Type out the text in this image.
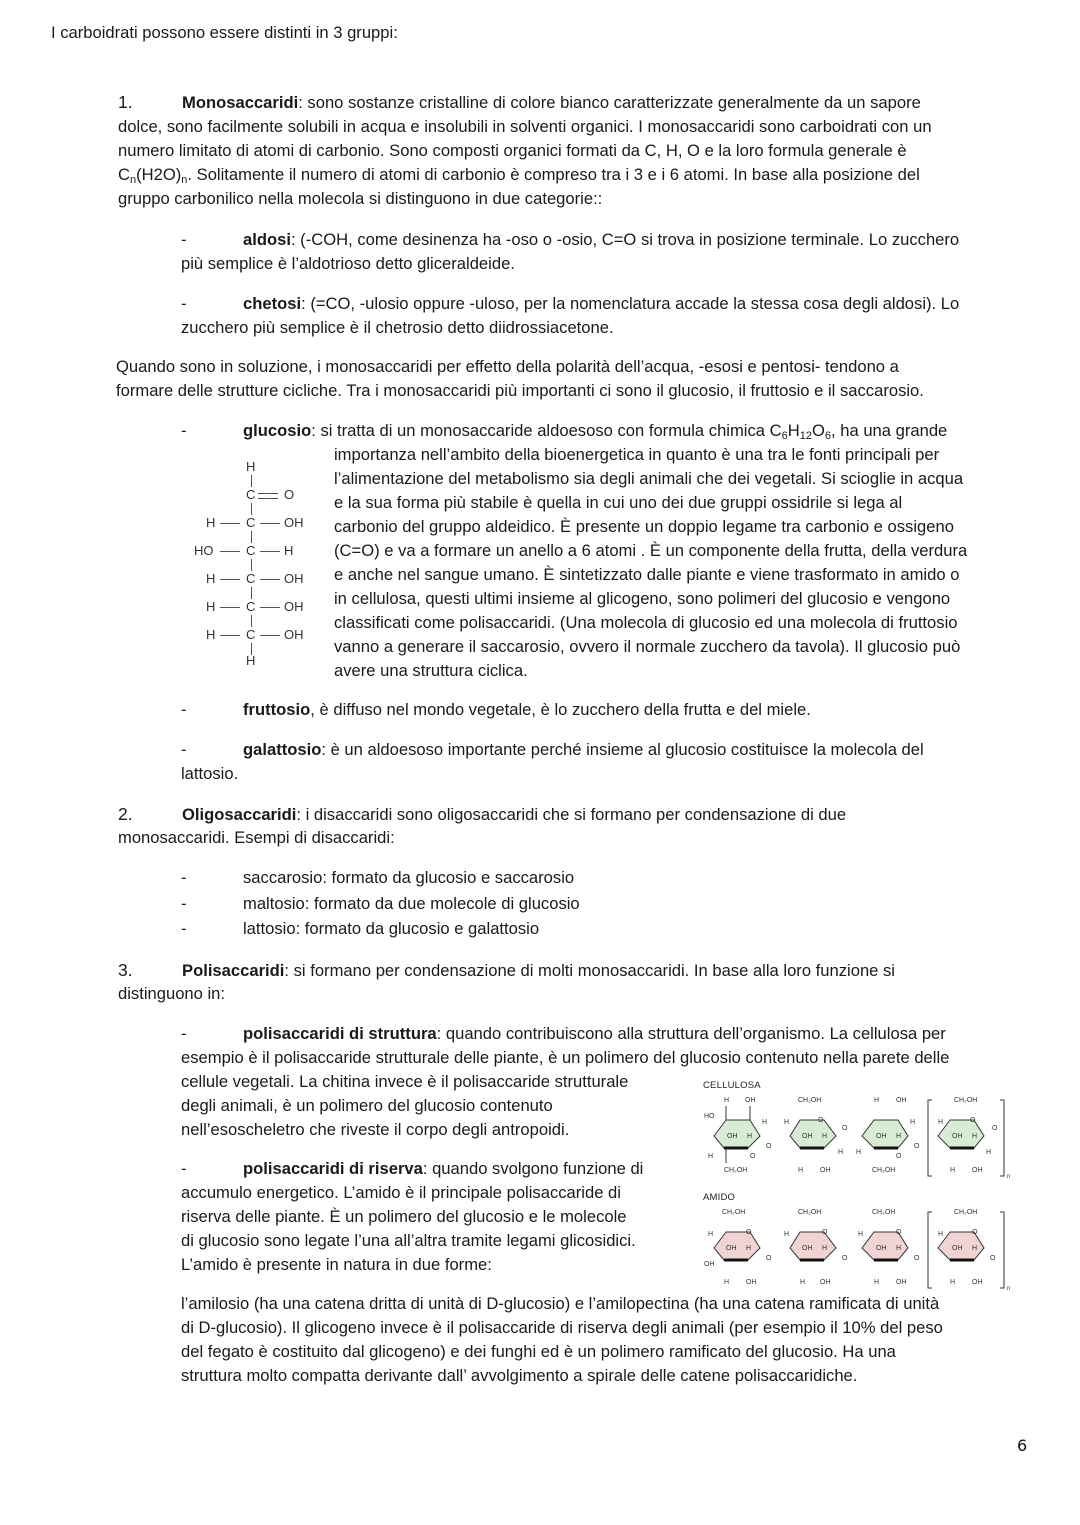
I carboidrati possono essere distinti in 3 gruppi:

1.	Monosaccaridi: sono sostanze cristalline di colore bianco caratterizzate generalmente da un sapore

dolce, sono facilmente solubili in acqua e insolubili in solventi organici. I monosaccaridi sono carboidrati con un

numero limitato di atomi di carbonio. Sono composti organici formati da C, H, O e la loro formula generale è

$C_n(H2O)_n$. Solitamente il numero di atomi di carbonio è compreso tra i 3 e i 6 atomi. In base alla posizione del

gruppo carbonilico nella molecola si distinguono in due categorie::

-	aldosi: (-COH, come desinenza ha -oso o -osio, C=O si trova in posizione terminale. Lo zucchero

più semplice è l’aldotrioso detto gliceraldeide.

-	chetosi: (=CO, -ulosio oppure -uloso, per la nomenclatura accade la stessa cosa degli aldosi). Lo

zucchero più semplice è il chetrosio detto diidrossiacetone.

Quando sono in soluzione, i monosaccaridi per effetto della polarità dell’acqua, -esosi e pentosi- tendono a

formare delle strutture cicliche. Tra i monosaccaridi più importanti ci sono il glucosio, il fruttosio e il saccarosio.

-	glucosio: si tratta di un monosaccaride aldoesoso con formula chimica $C_6H_{12}O_6$, ha una grande

importanza nell’ambito della bioenergetica in quanto è una tra le fonti principali per

l’alimentazione del metabolismo sia degli animali che dei vegetali. Si scioglie in acqua

e la sua forma più stabile è quella in cui uno dei due gruppi ossidrile si lega al

carbonio del gruppo aldeidico. È presente un doppio legame tra carbonio e ossigeno

(C=O) e va a formare un anello a 6 atomi . È un componente della frutta, della verdura

e anche nel sangue umano. È sintetizzato dalle piante e viene trasformato in amido o

in cellulosa, questi ultimi insieme al glicogeno, sono polimeri del glucosio e vengono

classificati come polisaccaridi. (Una molecola di glucosio ed una molecola di fruttosio

vanno a generare il saccarosio, ovvero il normale zucchero da tavola). Il glucosio può

avere una struttura ciclica.

H
C O
H C OH
HO	C H
H C OH
H C OH
H C OH
H

-	fruttosio, è diffuso nel mondo vegetale, è lo zucchero della frutta e del miele.

-	galattosio: è un aldoesoso importante perché insieme al glucosio costituisce la molecola del

lattosio.

2.	Oligosaccaridi: i disaccaridi sono oligosaccaridi che si formano per condensazione di due

monosaccaridi. Esempi di disaccaridi:

-	saccarosio: formato da glucosio e saccarosio

-	maltosio: formato da due molecole di glucosio

-	lattosio: formato da glucosio e galattosio

3.	Polisaccaridi: si formano per condensazione di molti monosaccaridi. In base alla loro funzione si

distinguono in:

-	polisaccaridi di struttura: quando contribuiscono alla struttura dell’organismo. La cellulosa per

esempio è il polisaccaride strutturale delle piante, è un polimero del glucosio contenuto nella parete delle

cellule vegetali. La chitina invece è il polisaccaride strutturale

degli animali, è un polimero del glucosio contenuto

nell’esoscheletro che riveste il corpo degli antropoidi.

-	polisaccaridi di riserva: quando svolgono funzione di

accumulo energetico. L’amido è il principale polisaccaride di

riserva delle piante. È un polimero del glucosio e le molecole

di glucosio sono legate l’una all’altra tramite legami glicosidici.

L’amido è presente in natura in due forme:

l’amilosio (ha una catena dritta di unità di D-glucosio) e l’amilopectina (ha una catena ramificata di unità

di D-glucosio). Il glicogeno invece è il polisaccaride di riserva degli animali (per esempio il 10% del peso

del fegato è costituito dal glicogeno) e dei funghi ed è un polimero ramificato del glucosio. Ha una

struttura molto compatta derivante dall’ avvolgimento a spirale delle catene polisaccaridiche.

CELLULOSA
HO
H OH
OH H
H
H	O
CH₂OH
O
CH₂OH
O
H
OH H
H
H OH
O
H OH
H
OH H
H
O
CH₂OH
O
CH₂OH
O
H
OH H
H
H OH
O
n
AMIDO
CH₂OH
O
H
OH H
OH
H OH
O
CH₂OH
O
H
OH H
H OH
O
CH₂OH
O
H
OH H
H OH
O
CH₂OH
O
H
OH H
H OH
O
n
6
